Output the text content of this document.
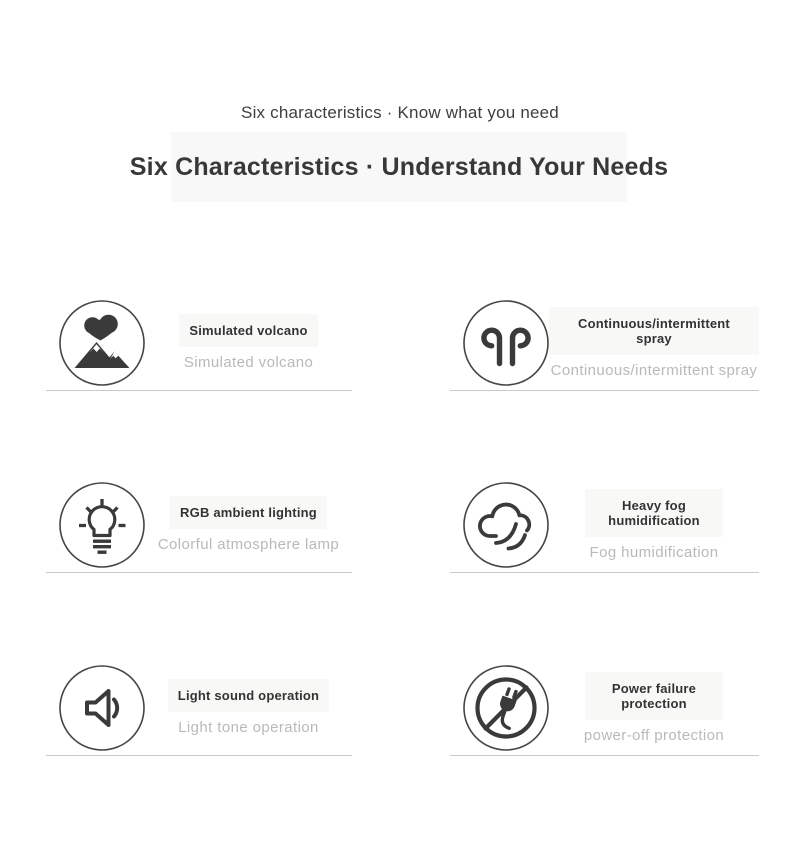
Six characteristics · Know what you need
Six Characteristics · Understand Your Needs
Simulated volcano
Simulated volcano
Continuous/intermittent spray
Continuous/intermittent spray
RGB ambient lighting
Colorful atmosphere lamp
Heavy fog humidification
Fog humidification
Light sound operation
Light tone operation
Power failure protection
power-off protection
